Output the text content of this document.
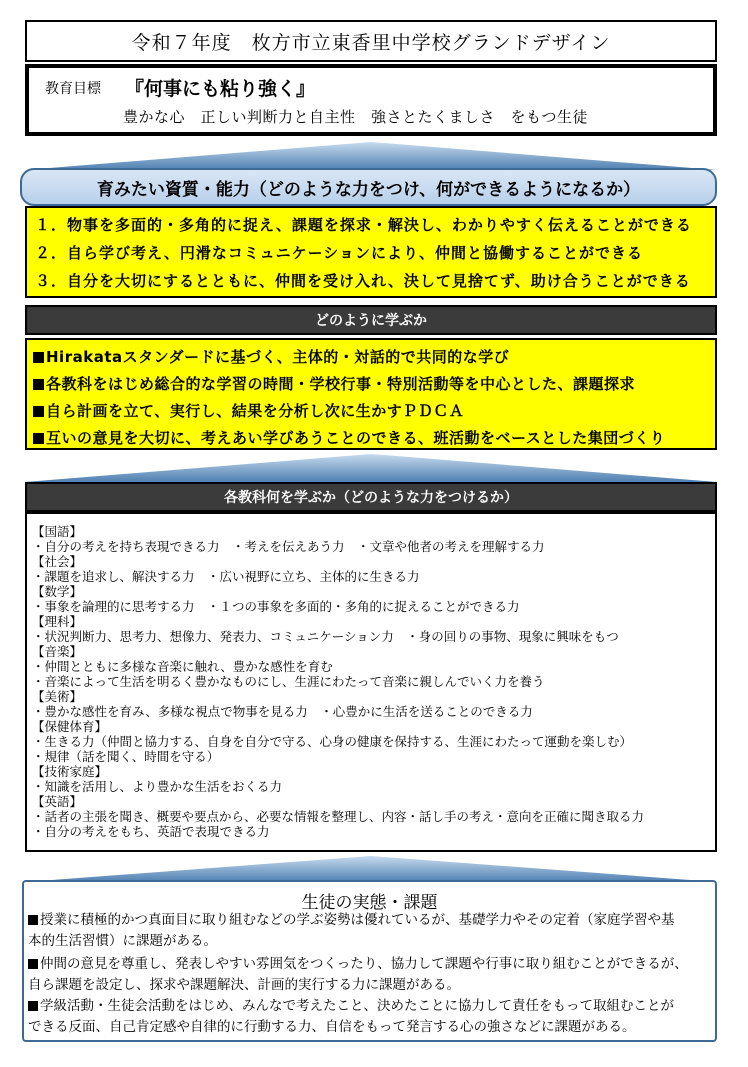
令和７年度　枚方市立東香里中学校グランドデザイン
教育目標 『何事にも粘り強く』
豊かな心　正しい判断力と自主性　強さとたくましさ　をもつ生徒
育みたい資質・能力（どのような力をつけ、何ができるようになるか）
１．物事を多面的・多角的に捉え、課題を探求・解決し、わかりやすく伝えることができる
２．自ら学び考え、円滑なコミュニケーションにより、仲間と協働することができる
３．自分を大切にするとともに、仲間を受け入れ、決して見捨てず、助け合うことができる
どのように学ぶか
Hirakataスタンダードに基づく、主体的・対話的で共同的な学び
各教科をはじめ総合的な学習の時間・学校行事・特別活動等を中心とした、課題探求
自ら計画を立て、実行し、結果を分析し次に生かすＰＤＣＡ
互いの意見を大切に、考えあい学びあうことのできる、班活動をベースとした集団づくり
各教科何を学ぶか（どのような力をつけるか）
【国語】
・自分の考えを持ち表現できる力　・考えを伝えあう力　・文章や他者の考えを理解する力
【社会】
・課題を追求し、解決する力　・広い視野に立ち、主体的に生きる力
【数学】
・事象を論理的に思考する力　・１つの事象を多面的・多角的に捉えることができる力
【理科】
・状況判断力、思考力、想像力、発表力、コミュニケーション力　・身の回りの事物、現象に興味をもつ
【音楽】
・仲間とともに多様な音楽に触れ、豊かな感性を育む
・音楽によって生活を明るく豊かなものにし、生涯にわたって音楽に親しんでいく力を養う
【美術】
・豊かな感性を育み、多様な視点で物事を見る力　・心豊かに生活を送ることのできる力
【保健体育】
・生きる力（仲間と協力する、自身を自分で守る、心身の健康を保持する、生涯にわたって運動を楽しむ）
・規律（話を聞く、時間を守る）
【技術家庭】
・知識を活用し、より豊かな生活をおくる力
【英語】
・話者の主張を聞き、概要や要点から、必要な情報を整理し、内容・話し手の考え・意向を正確に聞き取る力
・自分の考えをもち、英語で表現できる力
生徒の実態・課題
授業に積極的かつ真面目に取り組むなどの学ぶ姿勢は優れているが、基礎学力やその定着（家庭学習や基
本的生活習慣）に課題がある。
仲間の意見を尊重し、発表しやすい雰囲気をつくったり、協力して課題や行事に取り組むことができるが、
自ら課題を設定し、探求や課題解決、計画的実行する力に課題がある。
学級活動・生徒会活動をはじめ、みんなで考えたこと、決めたことに協力して責任をもって取組むことが
できる反面、自己肯定感や自律的に行動する力、自信をもって発言する心の強さなどに課題がある。
